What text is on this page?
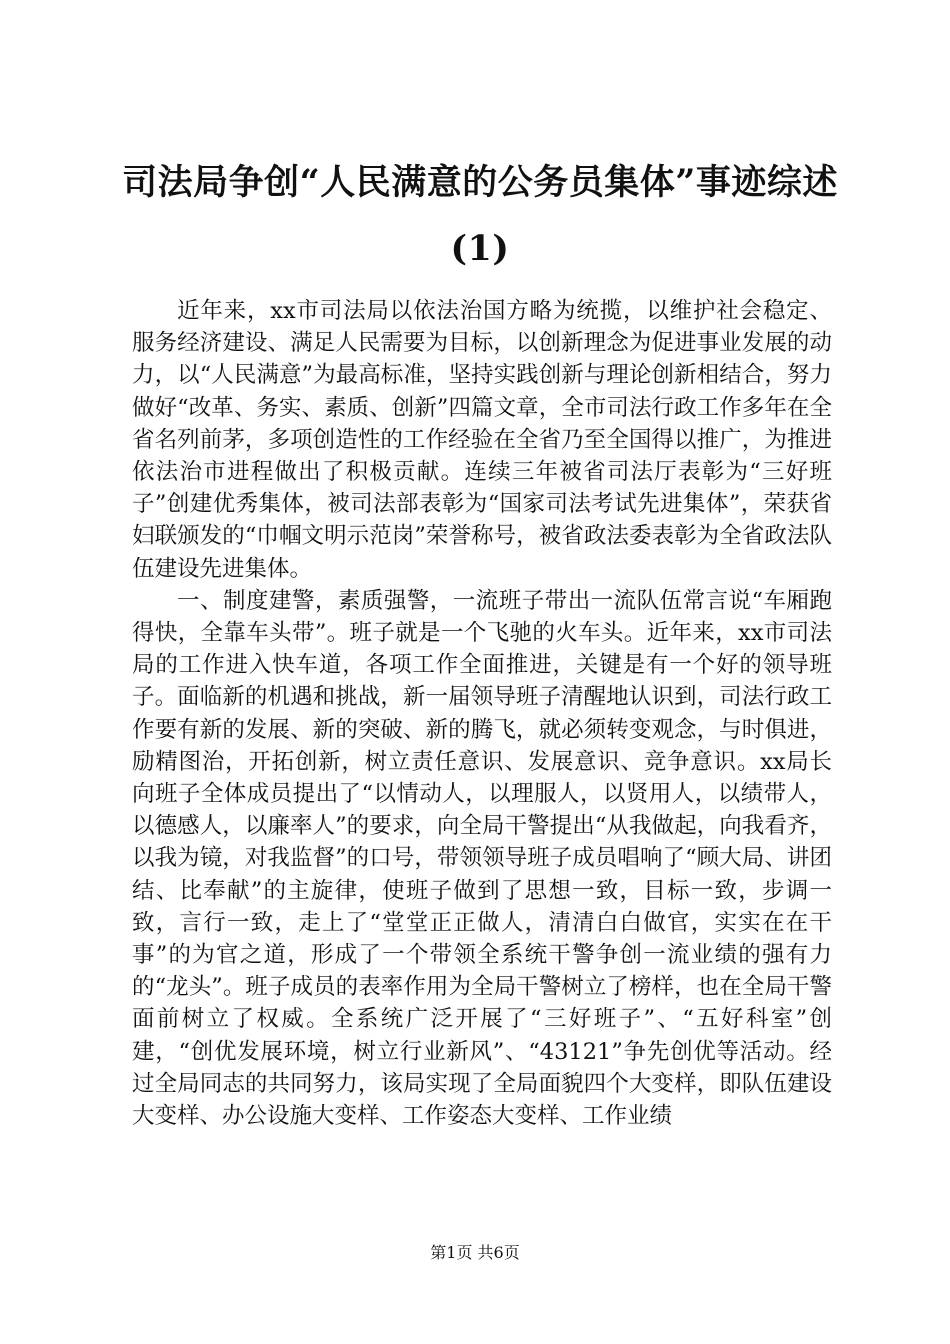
司法局争创“人民满意的公务员集体”事迹综述(1)

近年来，xx市司法局以依法治国方略为统揽，以维护社会稳定、服务经济建设、满足人民需要为目标，以创新理念为促进事业发展的动力，以“人民满意”为最高标准，坚持实践创新与理论创新相结合，努力做好“改革、务实、素质、创新”四篇文章，全市司法行政工作多年在全省名列前茅，多项创造性的工作经验在全省乃至全国得以推广，为推进依法治市进程做出了积极贡献。连续三年被省司法厅表彰为“三好班子”创建优秀集体，被司法部表彰为“国家司法考试先进集体”，荣获省妇联颁发的“巾帼文明示范岗”荣誉称号，被省政法委表彰为全省政法队伍建设先进集体。

一、制度建警，素质强警，一流班子带出一流队伍常言说“车厢跑得快，全靠车头带”。班子就是一个飞驰的火车头。近年来，xx市司法局的工作进入快车道，各项工作全面推进，关键是有一个好的领导班子。面临新的机遇和挑战，新一届领导班子清醒地认识到，司法行政工作要有新的发展、新的突破、新的腾飞，就必须转变观念，与时俱进，励精图治，开拓创新，树立责任意识、发展意识、竞争意识。xx局长向班子全体成员提出了“以情动人，以理服人，以贤用人，以绩带人，以德感人，以廉率人”的要求，向全局干警提出“从我做起，向我看齐，以我为镜，对我监督”的口号，带领领导班子成员唱响了“顾大局、讲团结、比奉献”的主旋律，使班子做到了思想一致，目标一致，步调一致，言行一致，走上了“堂堂正正做人，清清白白做官，实实在在干事”的为官之道，形成了一个带领全系统干警争创一流业绩的强有力的“龙头”。班子成员的表率作用为全局干警树立了榜样，也在全局干警面前树立了权威。全系统广泛开展了“三好班子”、“五好科室”创建，“创优发展环境，树立行业新风”、“43121”争先创优等活动。经过全局同志的共同努力，该局实现了全局面貌四个大变样，即队伍建设大变样、办公设施大变样、工作姿态大变样、工作业绩

第1页 共6页
